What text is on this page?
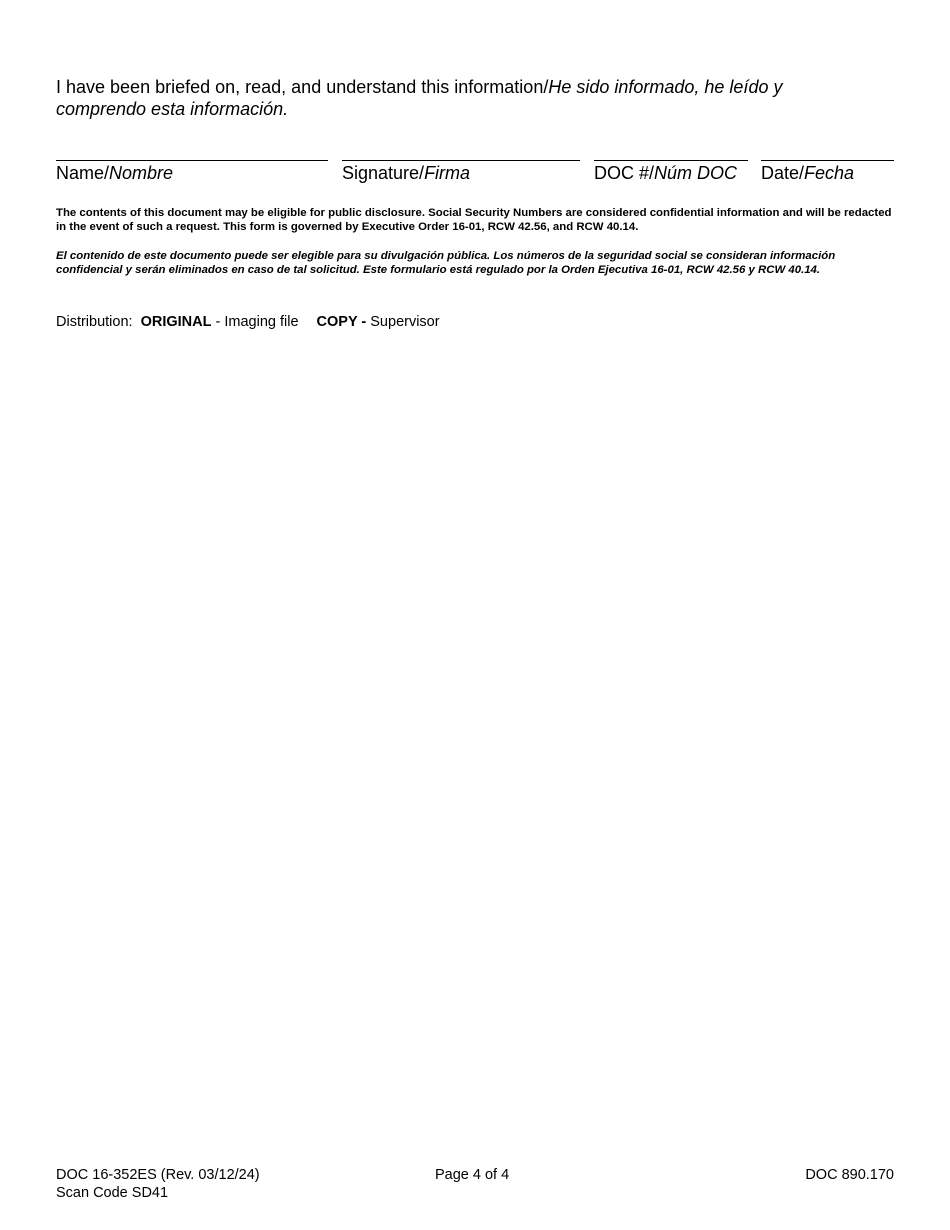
I have been briefed on, read, and understand this information/He sido informado, he leído y comprendo esta información.
Name/Nombre	Signature/Firma	DOC #/Núm DOC	Date/Fecha
The contents of this document may be eligible for public disclosure. Social Security Numbers are considered confidential information and will be redacted in the event of such a request. This form is governed by Executive Order 16-01, RCW 42.56, and RCW 40.14.
El contenido de este documento puede ser elegible para su divulgación pública. Los números de la seguridad social se consideran información confidencial y serán eliminados en caso de tal solicitud. Este formulario está regulado por la Orden Ejecutiva 16-01, RCW 42.56 y RCW 40.14.
Distribution: ORIGINAL - Imaging file COPY - Supervisor
DOC 16-352ES (Rev. 03/12/24)
Scan Code SD41
Page 4 of 4	DOC 890.170
